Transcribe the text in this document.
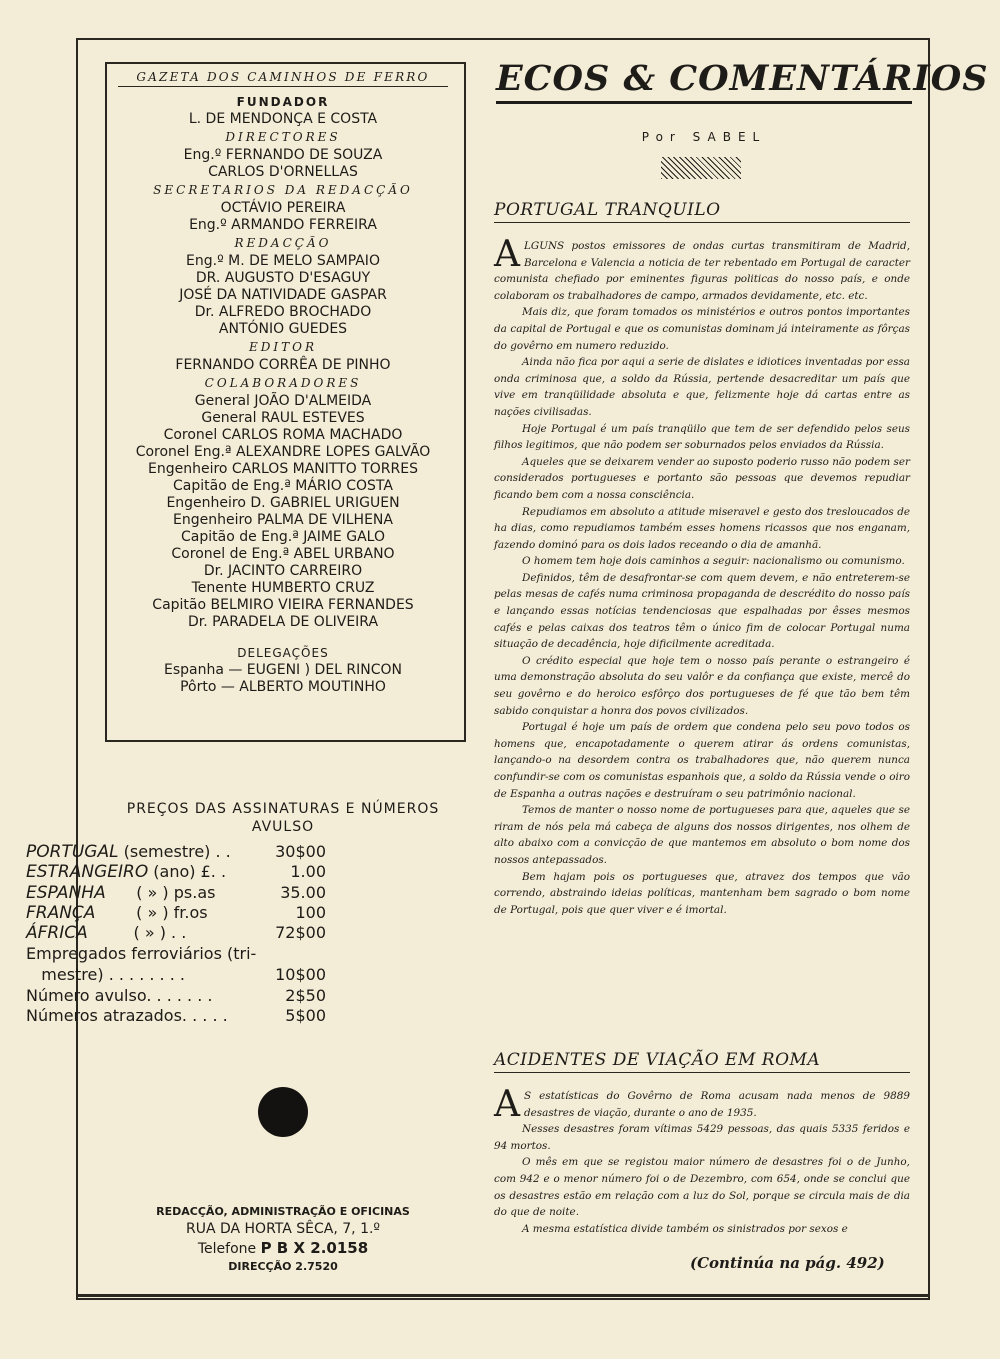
GAZETA DOS CAMINHOS DE FERRO
FUNDADOR
L. DE MENDONÇA E COSTA
DIRECTORES
Eng.º FERNANDO DE SOUZA
CARLOS D'ORNELLAS
SECRETARIOS DA REDACÇÃO
OCTÁVIO PEREIRA
Eng.º ARMANDO FERREIRA
REDACÇÃO
Eng.º M. DE MELO SAMPAIO
DR. AUGUSTO D'ESAGUY
JOSÉ DA NATIVIDADE GASPAR
Dr. ALFREDO BROCHADO
ANTÓNIO GUEDES
EDITOR
FERNANDO CORRÊA DE PINHO
COLABORADORES
General JOÃO D'ALMEIDA
General RAUL ESTEVES
Coronel CARLOS ROMA MACHADO
Coronel Eng.ª ALEXANDRE LOPES GALVÃO
Engenheiro CARLOS MANITTO TORRES
Capitão de Eng.ª MÁRIO COSTA
Engenheiro D. GABRIEL URIGUEN
Engenheiro PALMA DE VILHENA
Capitão de Eng.ª JAIME GALO
Coronel de Eng.ª ABEL URBANO
Dr. JACINTO CARREIRO
Tenente HUMBERTO CRUZ
Capitão BELMIRO VIEIRA FERNANDES
Dr. PARADELA DE OLIVEIRA
DELEGAÇÕES
Espanha — EUGENI ) DEL RINCON
Pôrto — ALBERTO MOUTINHO
PREÇOS DAS ASSINATURAS E NÚMEROS
AVULSO
PORTUGAL (semestre) . .	30$00
ESTRANGEIRO (ano) £. .	1.00
ESPANHA      ( » ) ps.as	35.00
FRANÇA        ( » ) fr.os	100
ÁFRICA         ( » ) . .	72$00
Empregados ferroviários (tri-
mestre) . . . . . . . .	10$00
Número avulso. . . . . . .	2$50
Números atrazados. . . . .	5$00
REDACÇÃO, ADMINISTRAÇÃO E OFICINAS
RUA DA HORTA SÊCA, 7, 1.º
Telefone P B X 2.0158
DIRECÇÃO 2.7520
ECOS & COMENTÁRIOS
Por SABEL
PORTUGAL TRANQUILO

ALGUNS postos emissores de ondas curtas transmitiram de Madrid, Barcelona e Valencia a noticia de ter rebentado em Portugal de caracter comunista chefiado por eminentes figuras politicas do nosso país, e onde colaboram os trabalhadores de campo, armados devidamente, etc. etc.

Mais diz, que foram tomados os ministérios e outros pontos importantes da capital de Portugal e que os comunistas dominam já inteiramente as fôrças do govêrno em numero reduzido.

Ainda não fica por aqui a serie de dislates e idiotices inventadas por essa onda criminosa que, a soldo da Rússia, pertende desacreditar um país que vive em tranqüilidade absoluta e que, felizmente hoje dá cartas entre as nações civilisadas.

Hoje Portugal é um país tranqüilo que tem de ser defendido pelos seus filhos legitimos, que não podem ser soburnados pelos enviados da Rússia.

Aqueles que se deixarem vender ao suposto poderio russo não podem ser considerados portugueses e portanto são pessoas que devemos repudiar ficando bem com a nossa consciência.

Repudiamos em absoluto a atitude miseravel e gesto dos tresloucados de ha dias, como repudiamos também esses homens ricassos que nos enganam, fazendo dominó para os dois lados receando o dia de amanhã.

O homem tem hoje dois caminhos a seguir: nacionalismo ou comunismo.

Definidos, têm de desafrontar-se com quem devem, e não entreterem-se pelas mesas de cafés numa criminosa propaganda de descrédito do nosso país e lançando essas notícias tendenciosas que espalhadas por êsses mesmos cafés e pelas caixas dos teatros têm o único fim de colocar Portugal numa situação de decadência, hoje dificilmente acreditada.

O crédito especial que hoje tem o nosso país perante o estrangeiro é uma demonstração absoluta do seu valôr e da confiança que existe, mercê do seu govêrno e do heroico esfôrço dos portugueses de fé que tão bem têm sabido conquistar a honra dos povos civilizados.

Portugal é hoje um país de ordem que condena pelo seu povo todos os homens que, encapotadamente o querem atirar ás ordens comunistas, lançando-o na desordem contra os trabalhadores que, não querem nunca confundir-se com os comunistas espanhois que, a soldo da Rússia vende o oiro de Espanha a outras nações e destruíram o seu patrimônio nacional.

Temos de manter o nosso nome de portugueses para que, aqueles que se riram de nós pela má cabeça de alguns dos nossos dirigentes, nos olhem de alto abaixo com a convicção de que mantemos em absoluto o bom nome dos nossos antepassados.

Bem hajam pois os portugueses que, atravez dos tempos que vão correndo, abstraindo ideias políticas, mantenham bem sagrado o bom nome de Portugal, pois que quer viver e é imortal.

ACIDENTES DE VIAÇÃO EM ROMA

A S estatísticas do Govêrno de Roma acusam nada menos de 9889 desastres de viação, durante o ano de 1935.

Nesses desastres foram vítimas 5429 pessoas, das quais 5335 feridos e 94 mortos.

O mês em que se registou maior número de desastres foi o de Junho, com 942 e o menor número foi o de Dezembro, com 654, onde se conclui que os desastres estão em relação com a luz do Sol, porque se circula mais de dia do que de noite.

A mesma estatística divide também os sinistrados por sexos e

(Continúa na pág. 492)
